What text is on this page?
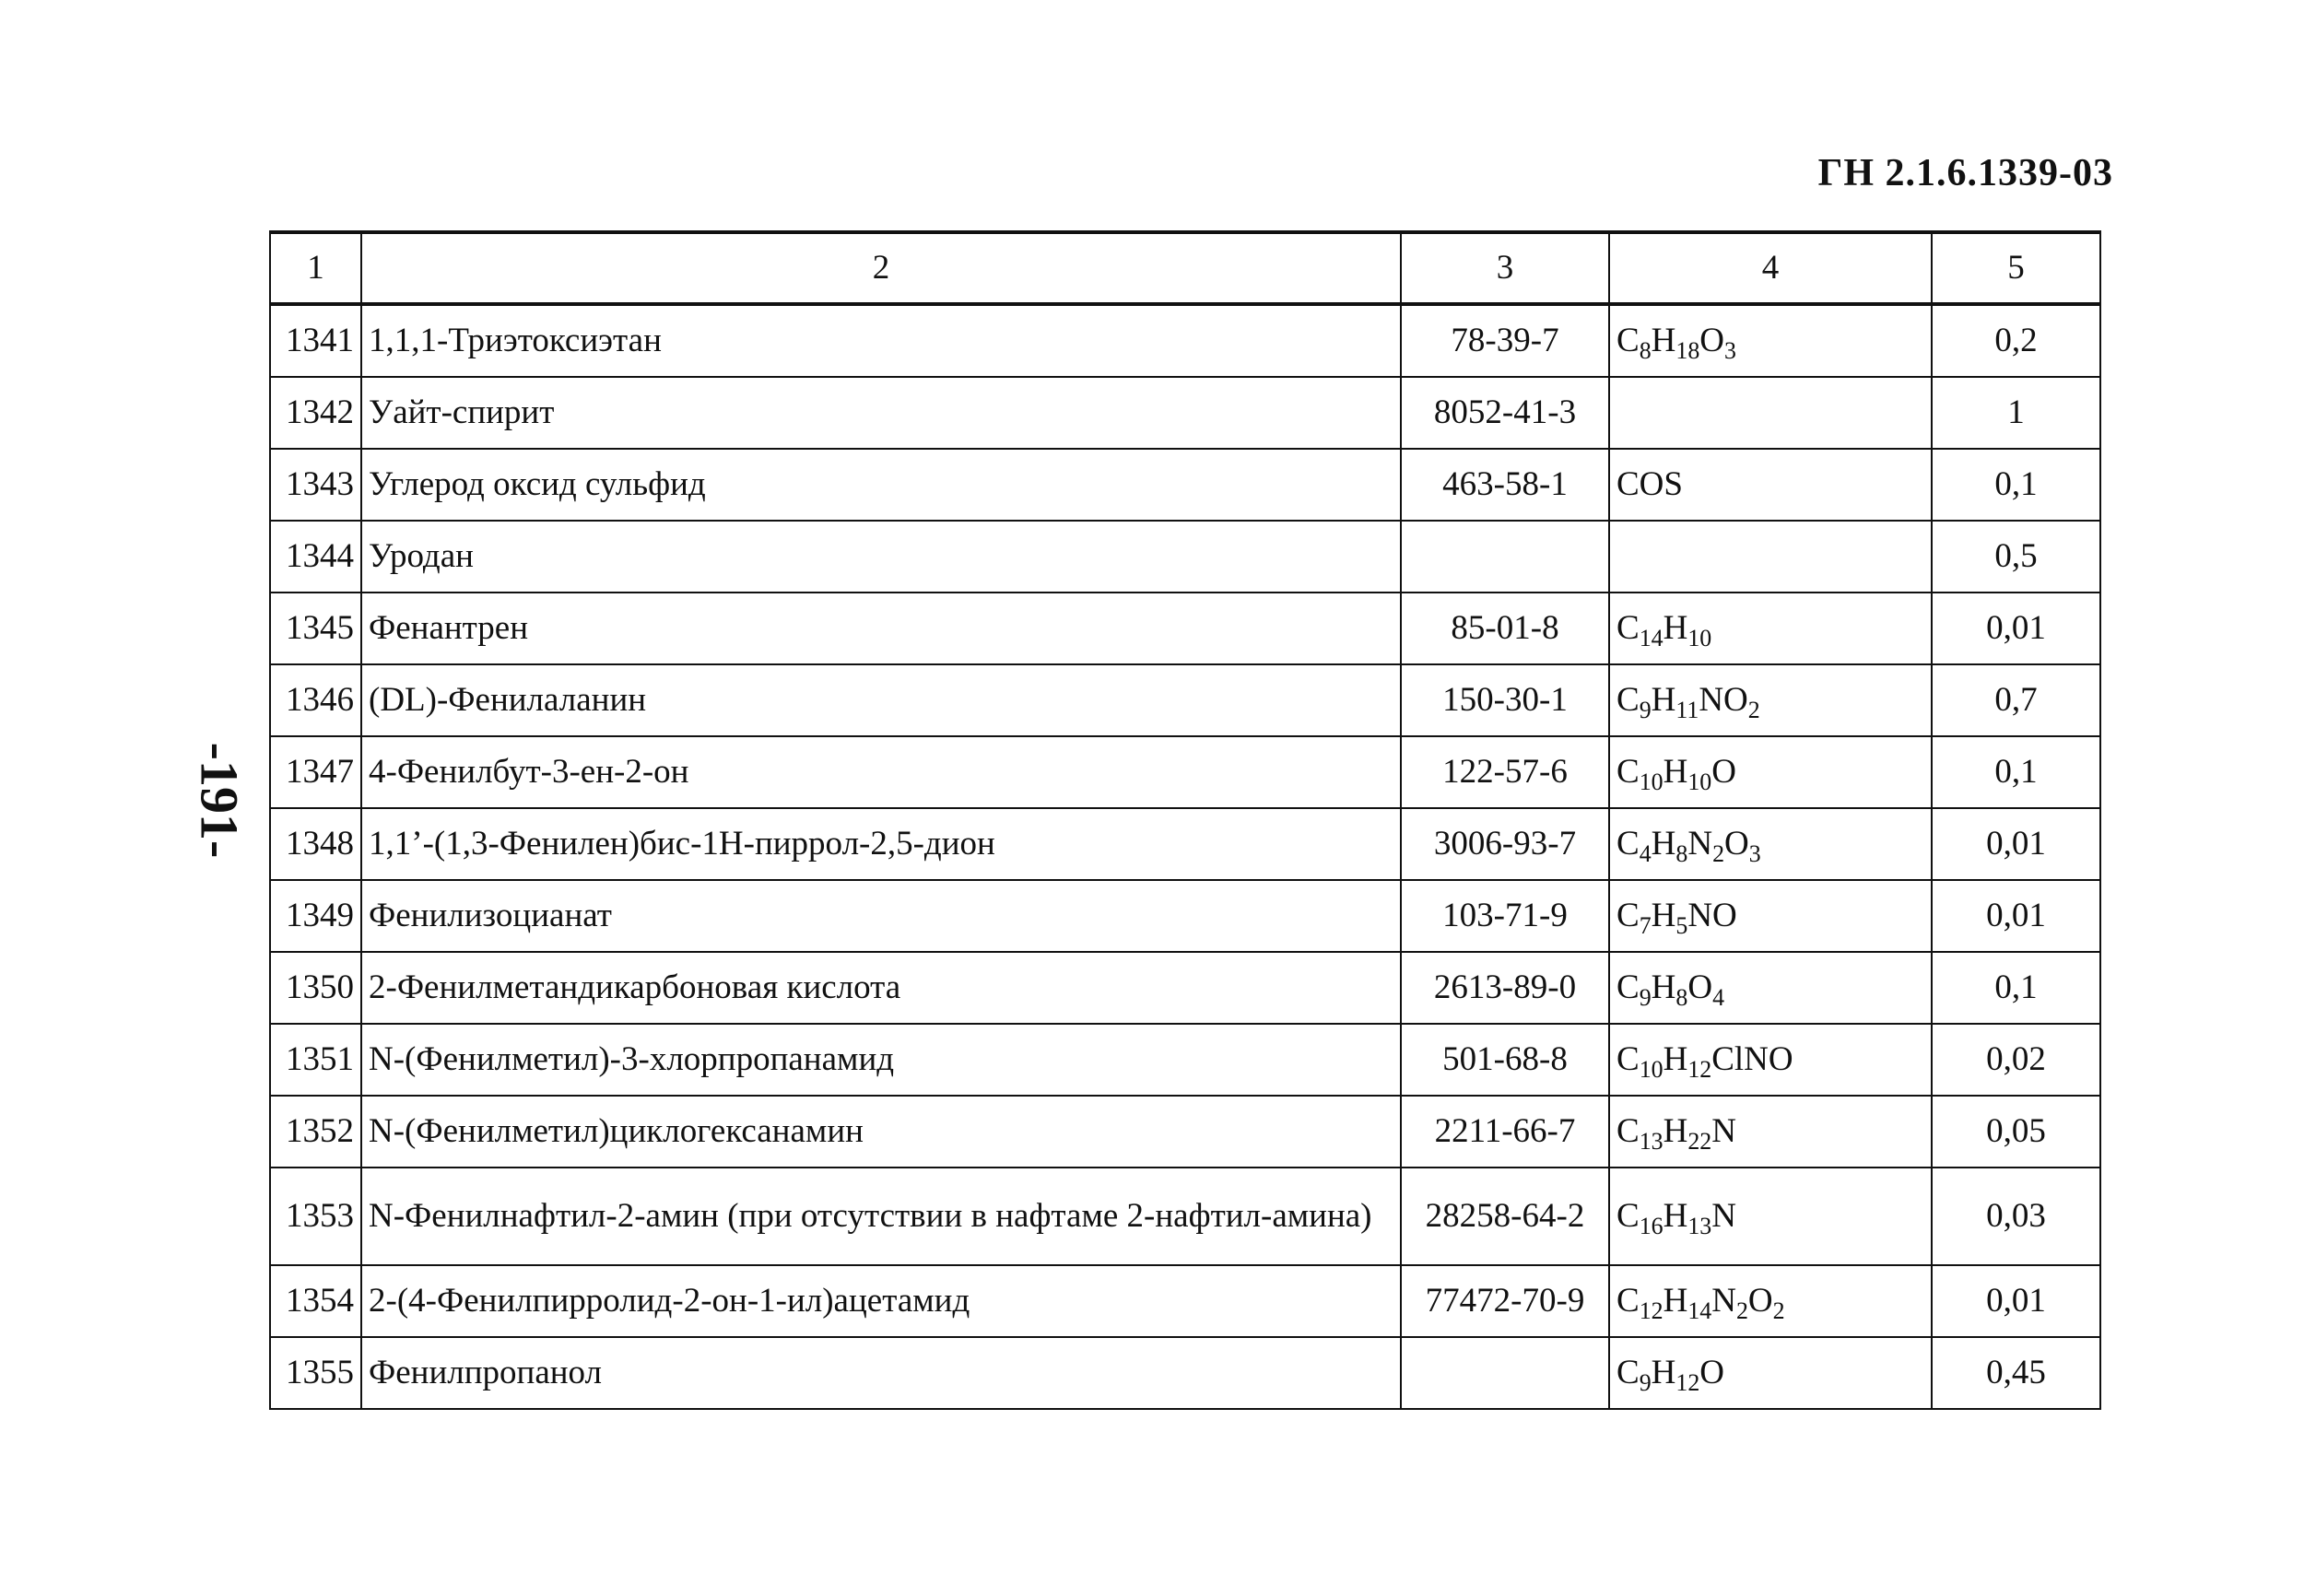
ГН 2.1.6.1339-03
-191-
1	2	3	4	5
1341	1,1,1-Триэтоксиэтан	78-39-7	$C_8H_{18}O_3$	0,2
1342	Уайт-спирит	8052-41-3		1
1343	Углерод оксид сульфид	463-58-1	COS	0,1
1344	Уродан			0,5
1345	Фенантрен	85-01-8	$C_{14}H_{10}$	0,01
1346	(DL)-Фенилаланин	150-30-1	$C_9H_{11}NO_2$	0,7
1347	4-Фенилбут-3-ен-2-он	122-57-6	$C_{10}H_{10}O$	0,1
1348	1,1’-(1,3-Фенилен)бис-1Н-пиррол-2,5-дион	3006-93-7	$C_4H_8N_2O_3$	0,01
1349	Фенилизоцианат	103-71-9	$C_7H_5NO$	0,01
1350	2-Фенилметандикарбоновая кислота	2613-89-0	$C_9H_8O_4$	0,1
1351	N-(Фенилметил)-3-хлорпропанамид	501-68-8	$C_{10}H_{12}ClNO$	0,02
1352	N-(Фенилметил)циклогексанамин	2211-66-7	$C_{13}H_{22}N$	0,05
1353	N-Фенилнафтил-2-амин (при отсутствии в нафтаме 2-нафтил-амина)	28258-64-2	$C_{16}H_{13}N$	0,03
1354	2-(4-Фенилпирролид-2-он-1-ил)ацетамид	77472-70-9	$C_{12}H_{14}N_2O_2$	0,01
1355	Фенилпропанол		$C_9H_{12}O$	0,45
